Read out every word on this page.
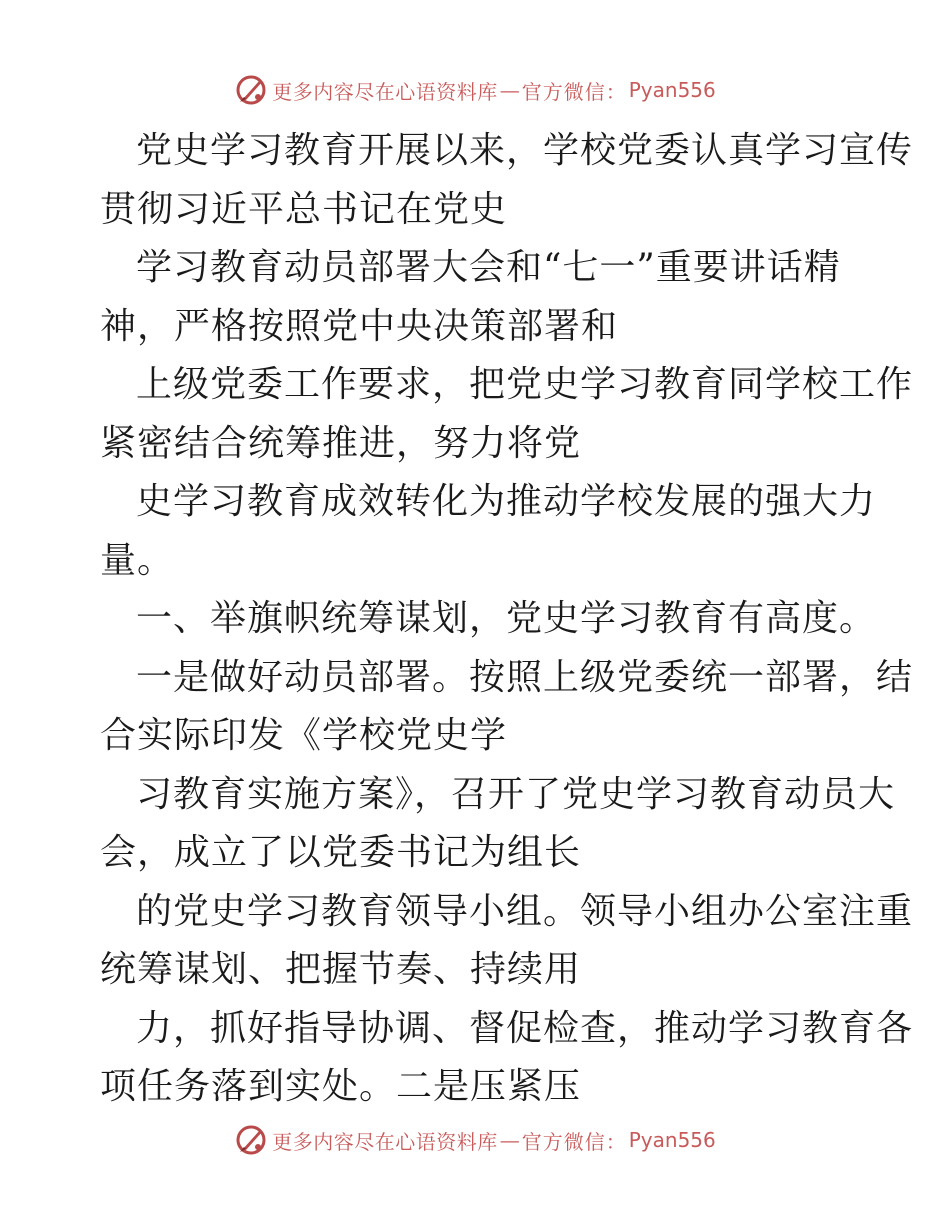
更多内容尽在心语资料库 — 官方微信： Pyan556
党史学习教育开展以来，学校党委认真学习宣传
贯彻习近平总书记在党史
学习教育动员部署大会和“七一”重要讲话精
神，严格按照党中央决策部署和
上级党委工作要求，把党史学习教育同学校工作
紧密结合统筹推进，努力将党
史学习教育成效转化为推动学校发展的强大力
量。
一、举旗帜统筹谋划，党史学习教育有高度。
一是做好动员部署。按照上级党委统一部署，结
合实际印发《学校党史学
习教育实施方案》，召开了党史学习教育动员大
会，成立了以党委书记为组长
的党史学习教育领导小组。领导小组办公室注重
统筹谋划、把握节奏、持续用
力，抓好指导协调、督促检查，推动学习教育各
项任务落到实处。二是压紧压
更多内容尽在心语资料库 — 官方微信： Pyan556
